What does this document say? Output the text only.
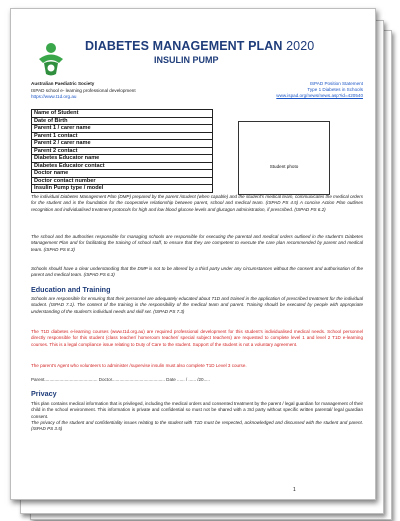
DIABETES MANAGEMENT PLAN 2020
INSULIN PUMP
Australian Paediatric Society
ISPAD school e- learning professional development
https://www.t1d.org.au
ISPAD Position Statement
Type 1 Diabetes in Schools
www.ispad.org/news/news.asp?id=420540
Name of Student
Date of Birth
Parent 1 / carer name
Parent 1 contact
Parent 2 / carer name
Parent 2 contact
Diabetes Educator name
Diabetes Educator contact
Doctor name
Doctor contact number
Insulin Pump type / model
Student photo
The individual Diabetes Management Plan (DMP) prepared by the parent /student (when capable) and the student's medical team, communicates the medical orders for the student and is the foundation for the cooperative relationship between parent, school and medical team. (ISPAD PS 4.5) A concise Action Plan outlines recognition and individualised treatment protocols for high and low blood glucose levels and glucagon administration, if prescribed. (ISPAD PS 6.2)
The school and the authorities responsible for managing schools are responsible for executing the parental and medical orders outlined in the student's Diabetes Management Plan and for facilitating the training of school staff, to ensure that they are competent to execute the care plan recommended by parent and medical team. (ISPAD PS 8.3)
Schools should have a clear understanding that the DMP is not to be altered by a third party under any circumstances without the consent and authorisation of the parent and medical team. (ISPAD PS 6.3)
Education and Training
Schools are responsible for ensuring that their personnel are adequately educated about T1D and trained in the application of prescribed treatment for the individual student. (ISPAD 7.1). The content of the training is the responsibility of the medical team and parent. Training should be executed by people with appropriate understanding of the student's individual needs and skill set. (ISPAD PS 7.3)
The T1D diabetes e-learning courses (www.t1d.org.au) are required professional development for this student's individualised medical needs. School personnel directly responsible for this student (class teacher/ homeroom teacher/ special subject teachers) are requested to complete level 1 and level 2 T1D e-learning courses. This is a legal compliance issue relating to Duty of Care to the student. Support of the student is not a voluntary agreement.
The parent's Agent who volunteers to administer /supervise insulin must also complete T1D Level 3 course.
Parent.......................................... Doctor.......................................... Date ...... / ...... /20.....
Privacy
This plan contains medical information that is privileged, including the medical orders and consented treatment by the parent / legal guardian for management of their child in the school environment. This information is private and confidential so must not be shared with a 3rd party without specific written parental/ legal guardian consent.
The privacy of the student and confidentiality issues relating to the student with T1D must be respected, acknowledged and discussed with the student and parent. (ISPAD PS 3.5)
1
